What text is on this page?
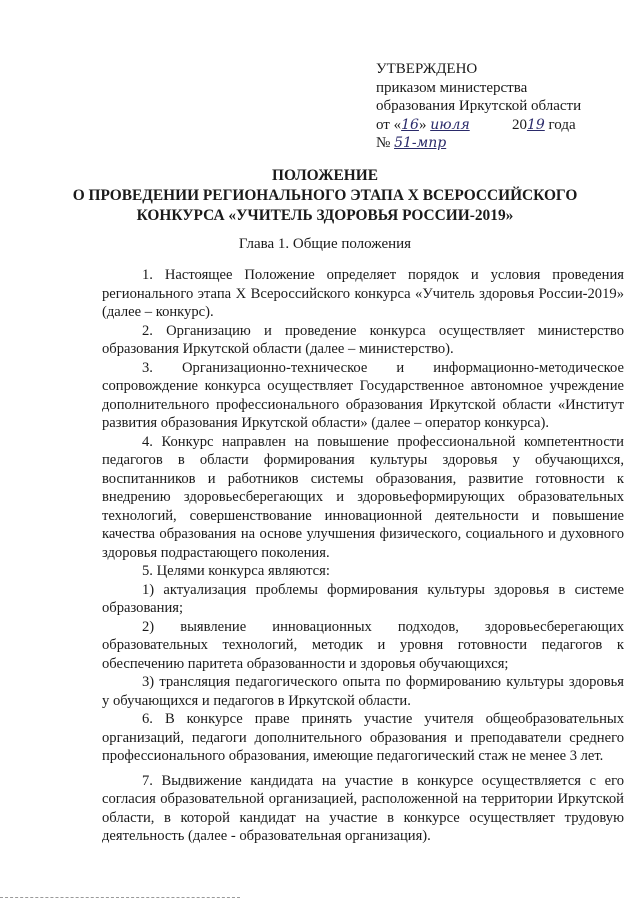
УТВЕРЖДЕНО
приказом министерства
образования Иркутской области
от «16» июля	2019 года
№ 51-мпр
ПОЛОЖЕНИЕ
О ПРОВЕДЕНИИ РЕГИОНАЛЬНОГО ЭТАПА X ВСЕРОССИЙСКОГО
КОНКУРСА «УЧИТЕЛЬ ЗДОРОВЬЯ РОССИИ-2019»
Глава 1. Общие положения

1. Настоящее Положение определяет порядок и условия проведения регионального этапа X Всероссийского конкурса «Учитель здоровья России-2019» (далее – конкурс).

2. Организацию и проведение конкурса осуществляет министерство образования Иркутской области (далее – министерство).

3. Организационно-техническое и информационно-методическое сопровождение конкурса осуществляет Государственное автономное учреждение дополнительного профессионального образования Иркутской области «Институт развития образования Иркутской области» (далее – оператор конкурса).

4. Конкурс направлен на повышение профессиональной компетентности педагогов в области формирования культуры здоровья у обучающихся, воспитанников и работников системы образования, развитие готовности к внедрению здоровьесберегающих и здоровьеформирующих образовательных технологий, совершенствование инновационной деятельности и повышение качества образования на основе улучшения физического, социального и духовного здоровья подрастающего поколения.

5. Целями конкурса являются:

1) актуализация проблемы формирования культуры здоровья в системе образования;

2) выявление инновационных подходов, здоровьесберегающих образовательных технологий, методик и уровня готовности педагогов к обеспечению паритета образованности и здоровья обучающихся;

3) трансляция педагогического опыта по формированию культуры здоровья у обучающихся и педагогов в Иркутской области.

6. В конкурсе праве принять участие учителя общеобразовательных организаций, педагоги дополнительного образования и преподаватели среднего профессионального образования, имеющие педагогический стаж не менее 3 лет.

7. Выдвижение кандидата на участие в конкурсе осуществляется с его согласия образовательной организацией, расположенной на территории Иркутской области, в которой кандидат на участие в конкурсе осуществляет трудовую деятельность (далее - образовательная организация).
